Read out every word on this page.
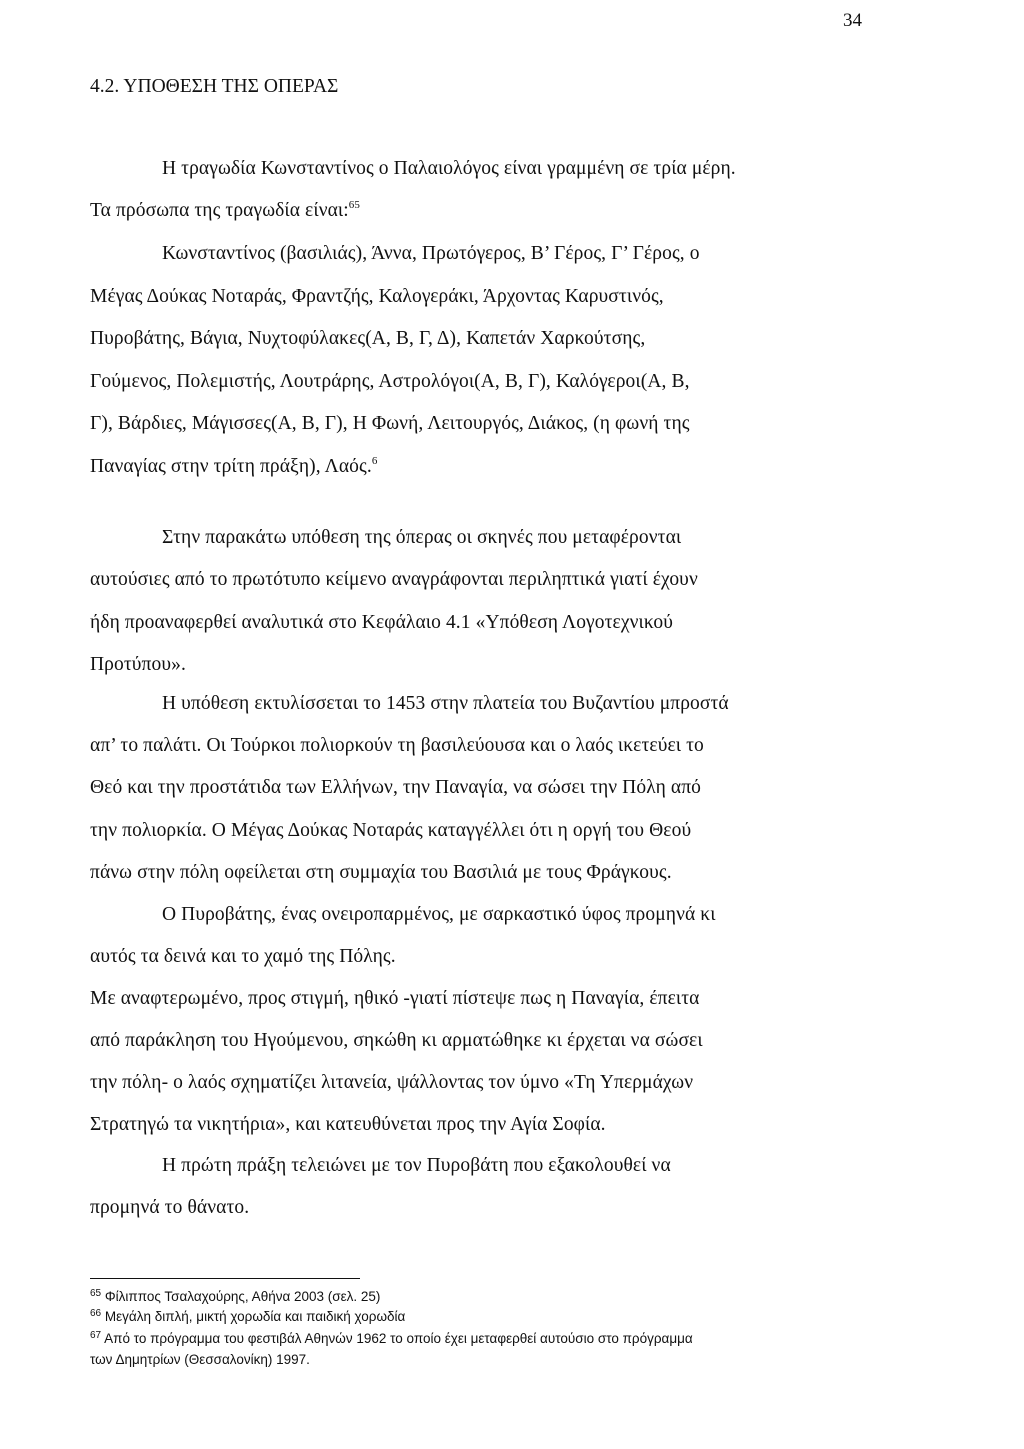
34
4.2. ΥΠΟΘΕΣΗ ΤΗΣ ΟΠΕΡΑΣ
Η τραγωδία Κωνσταντίνος ο Παλαιολόγος είναι γραμμένη σε τρία μέρη.
Τα πρόσωπα της τραγωδία είναι:$^{65}$
Κωνσταντίνος (βασιλιάς), Άννα, Πρωτόγερος, Β’ Γέρος, Γ’ Γέρος, ο
Μέγας Δούκας Νοταράς, Φραντζής, Καλογεράκι, Άρχοντας Καρυστινός,
Πυροβάτης, Βάγια, Νυχτοφύλακες(Α, Β, Γ, Δ), Καπετάν Χαρκούτσης,
Γούμενος, Πολεμιστής, Λουτράρης, Αστρολόγοι(Α, Β, Γ), Καλόγεροι(Α, Β,
Γ), Βάρδιες, Μάγισσες(Α, Β, Γ), Η Φωνή, Λειτουργός, Διάκος, (η φωνή της
Παναγίας στην τρίτη πράξη), Λαός.$^6$
Στην παρακάτω υπόθεση της όπερας οι σκηνές που μεταφέρονται
αυτούσιες από το πρωτότυπο κείμενο αναγράφονται περιληπτικά γιατί έχουν
ήδη προαναφερθεί αναλυτικά στο Κεφάλαιο 4.1 «Υπόθεση Λογοτεχνικού
Προτύπου».
Η υπόθεση εκτυλίσσεται το 1453 στην πλατεία του Βυζαντίου μπροστά
απ’ το παλάτι. Οι Τούρκοι πολιορκούν τη βασιλεύουσα και ο λαός ικετεύει το
Θεό και την προστάτιδα των Ελλήνων, την Παναγία, να σώσει την Πόλη από
την πολιορκία. Ο Μέγας Δούκας Νοταράς καταγγέλλει ότι η οργή του Θεού
πάνω στην πόλη οφείλεται στη συμμαχία του Βασιλιά με τους Φράγκους.
Ο Πυροβάτης, ένας ονειροπαρμένος, με σαρκαστικό ύφος προμηνά κι
αυτός τα δεινά και το χαμό της Πόλης.
Με αναφτερωμένο, προς στιγμή, ηθικό -γιατί πίστεψε πως η Παναγία, έπειτα
από παράκληση του Ηγούμενου, σηκώθη κι αρματώθηκε κι έρχεται να σώσει
την πόλη- ο λαός σχηματίζει λιτανεία, ψάλλοντας τον ύμνο «Τη Υπερμάχων
Στρατηγώ τα νικητήρια», και κατευθύνεται προς την Αγία Σοφία.
Η πρώτη πράξη τελειώνει με τον Πυροβάτη που εξακολουθεί να
προμηνά το θάνατο.
$^{65}$ Φίλιππος Τσαλαχούρης, Αθήνα 2003 (σελ. 25)
$^{66}$ Μεγάλη διπλή, μικτή χορωδία και παιδική χορωδία
$^{67}$ Από το πρόγραμμα του φεστιβάλ Αθηνών 1962 το οποίο έχει μεταφερθεί αυτούσιο στο πρόγραμμα
των Δημητρίων (Θεσσαλονίκη) 1997.
